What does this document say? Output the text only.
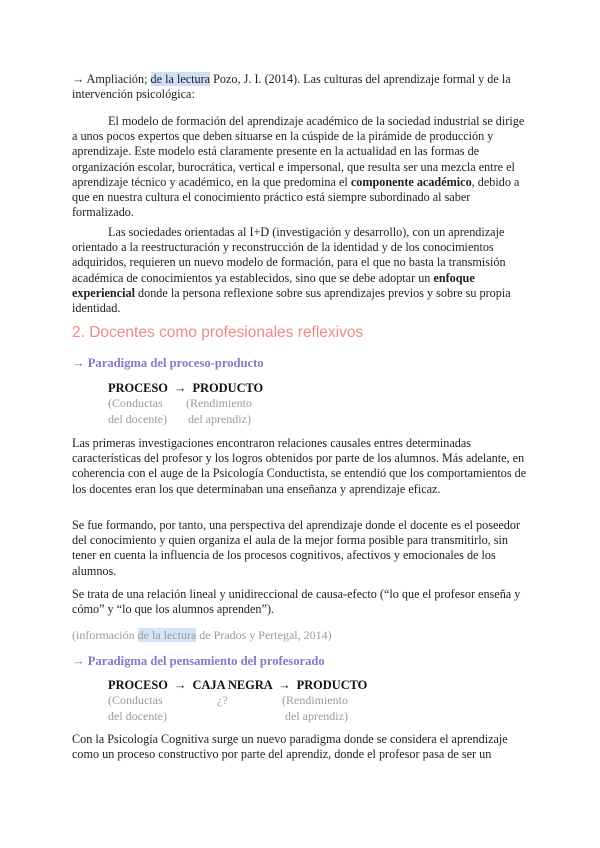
→ Ampliación; de la lectura Pozo, J. I. (2014). Las culturas del aprendizaje formal y de la intervención psicológica:

El modelo de formación del aprendizaje académico de la sociedad industrial se dirige a unos pocos expertos que deben situarse en la cúspide de la pirámide de producción y aprendizaje. Este modelo está claramente presente en la actualidad en las formas de organización escolar, burocrática, vertical e impersonal, que resulta ser una mezcla entre el aprendizaje técnico y académico, en la que predomina el componente académico, debido a que en nuestra cultura el conocimiento práctico está siempre subordinado al saber formalizado.

Las sociedades orientadas al I+D (investigación y desarrollo), con un aprendizaje orientado a la reestructuración y reconstrucción de la identidad y de los conocimientos adquiridos, requieren un nuevo modelo de formación, para el que no basta la transmisión académica de conocimientos ya establecidos, sino que se debe adoptar un enfoque experiencial donde la persona reflexione sobre sus aprendizajes previos y sobre su propia identidad.

2. Docentes como profesionales reflexivos
→ Paradigma del proceso-producto
PROCESO → PRODUCTO
(Conductas
del docente)
(Rendimiento
del aprendiz)

Las primeras investigaciones encontraron relaciones causales entres determinadas características del profesor y los logros obtenidos por parte de los alumnos. Más adelante, en coherencia con el auge de la Psicología Conductista, se entendió que los comportamientos de los docentes eran los que determinaban una enseñanza y aprendizaje eficaz.

Se fue formando, por tanto, una perspectiva del aprendizaje donde el docente es el poseedor del conocimiento y quien organiza el aula de la mejor forma posible para transmitirlo, sin tener en cuenta la influencia de los procesos cognitivos, afectivos y emocionales de los alumnos.

Se trata de una relación lineal y unidireccional de causa-efecto (“lo que el profesor enseña y cómo” y “lo que los alumnos aprenden”).

(información de la lectura de Prados y Pertegal, 2014)

→ Paradigma del pensamiento del profesorado
PROCESO → CAJA NEGRA → PRODUCTO
(Conductas
del docente)
¿?	(Rendimiento
del aprendiz)

Con la Psicología Cognitiva surge un nuevo paradigma donde se considera el aprendizaje como un proceso constructivo por parte del aprendiz, donde el profesor pasa de ser un
